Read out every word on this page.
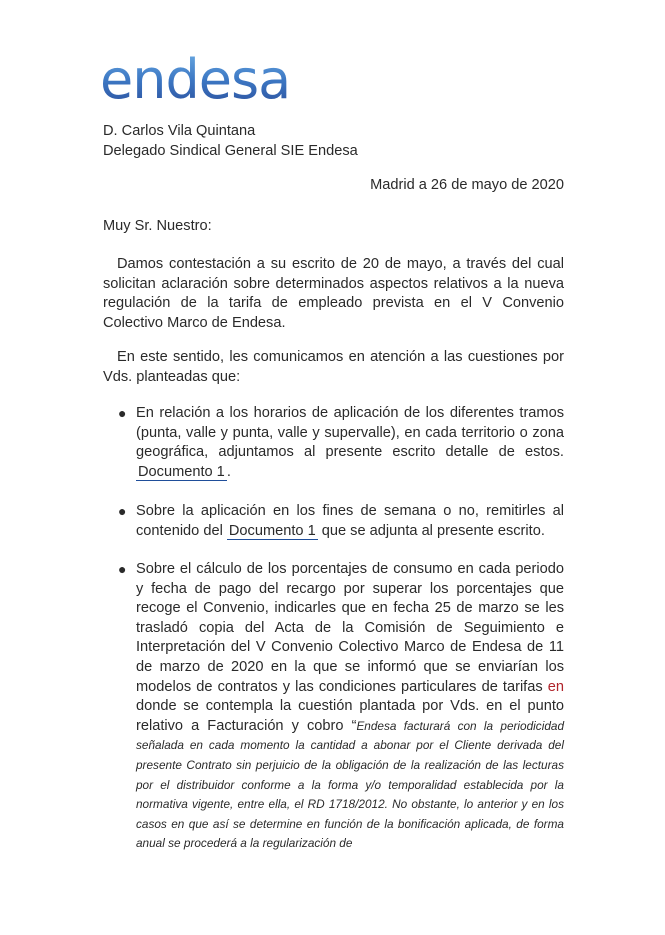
endesa
D. Carlos Vila Quintana
Delegado Sindical General SIE Endesa
Madrid a 26 de mayo de 2020
Muy Sr. Nuestro:
Damos contestación a su escrito de 20 de mayo, a través del cual solicitan aclaración sobre determinados aspectos relativos a la nueva regulación de la tarifa de empleado prevista en el V Convenio Colectivo Marco de Endesa.
En este sentido, les comunicamos en atención a las cuestiones por Vds. planteadas que:
● En relación a los horarios de aplicación de los diferentes tramos (punta, valle y punta, valle y supervalle), en cada territorio o zona geográfica, adjuntamos al presente escrito detalle de estos. Documento 1 .
● Sobre la aplicación en los fines de semana o no, remitirles al contenido del Documento 1 que se adjunta al presente escrito.
● Sobre el cálculo de los porcentajes de consumo en cada periodo y fecha de pago del recargo por superar los porcentajes que recoge el Convenio, indicarles que en fecha 25 de marzo se les trasladó copia del Acta de la Comisión de Seguimiento e Interpretación del V Convenio Colectivo Marco de Endesa de 11 de marzo de 2020 en la que se informó que se enviarían los modelos de contratos y las condiciones particulares de tarifas en donde se contempla la cuestión plantada por Vds. en el punto relativo a Facturación y cobro “Endesa facturará con la periodicidad señalada en cada momento la cantidad a abonar por el Cliente derivada del presente Contrato sin perjuicio de la obligación de la realización de las lecturas por el distribuidor conforme a la forma y/o temporalidad establecida por la normativa vigente, entre ella, el RD 1718/2012. No obstante, lo anterior y en los casos en que así se determine en función de la bonificación aplicada, de forma anual se procederá a la regularización de
